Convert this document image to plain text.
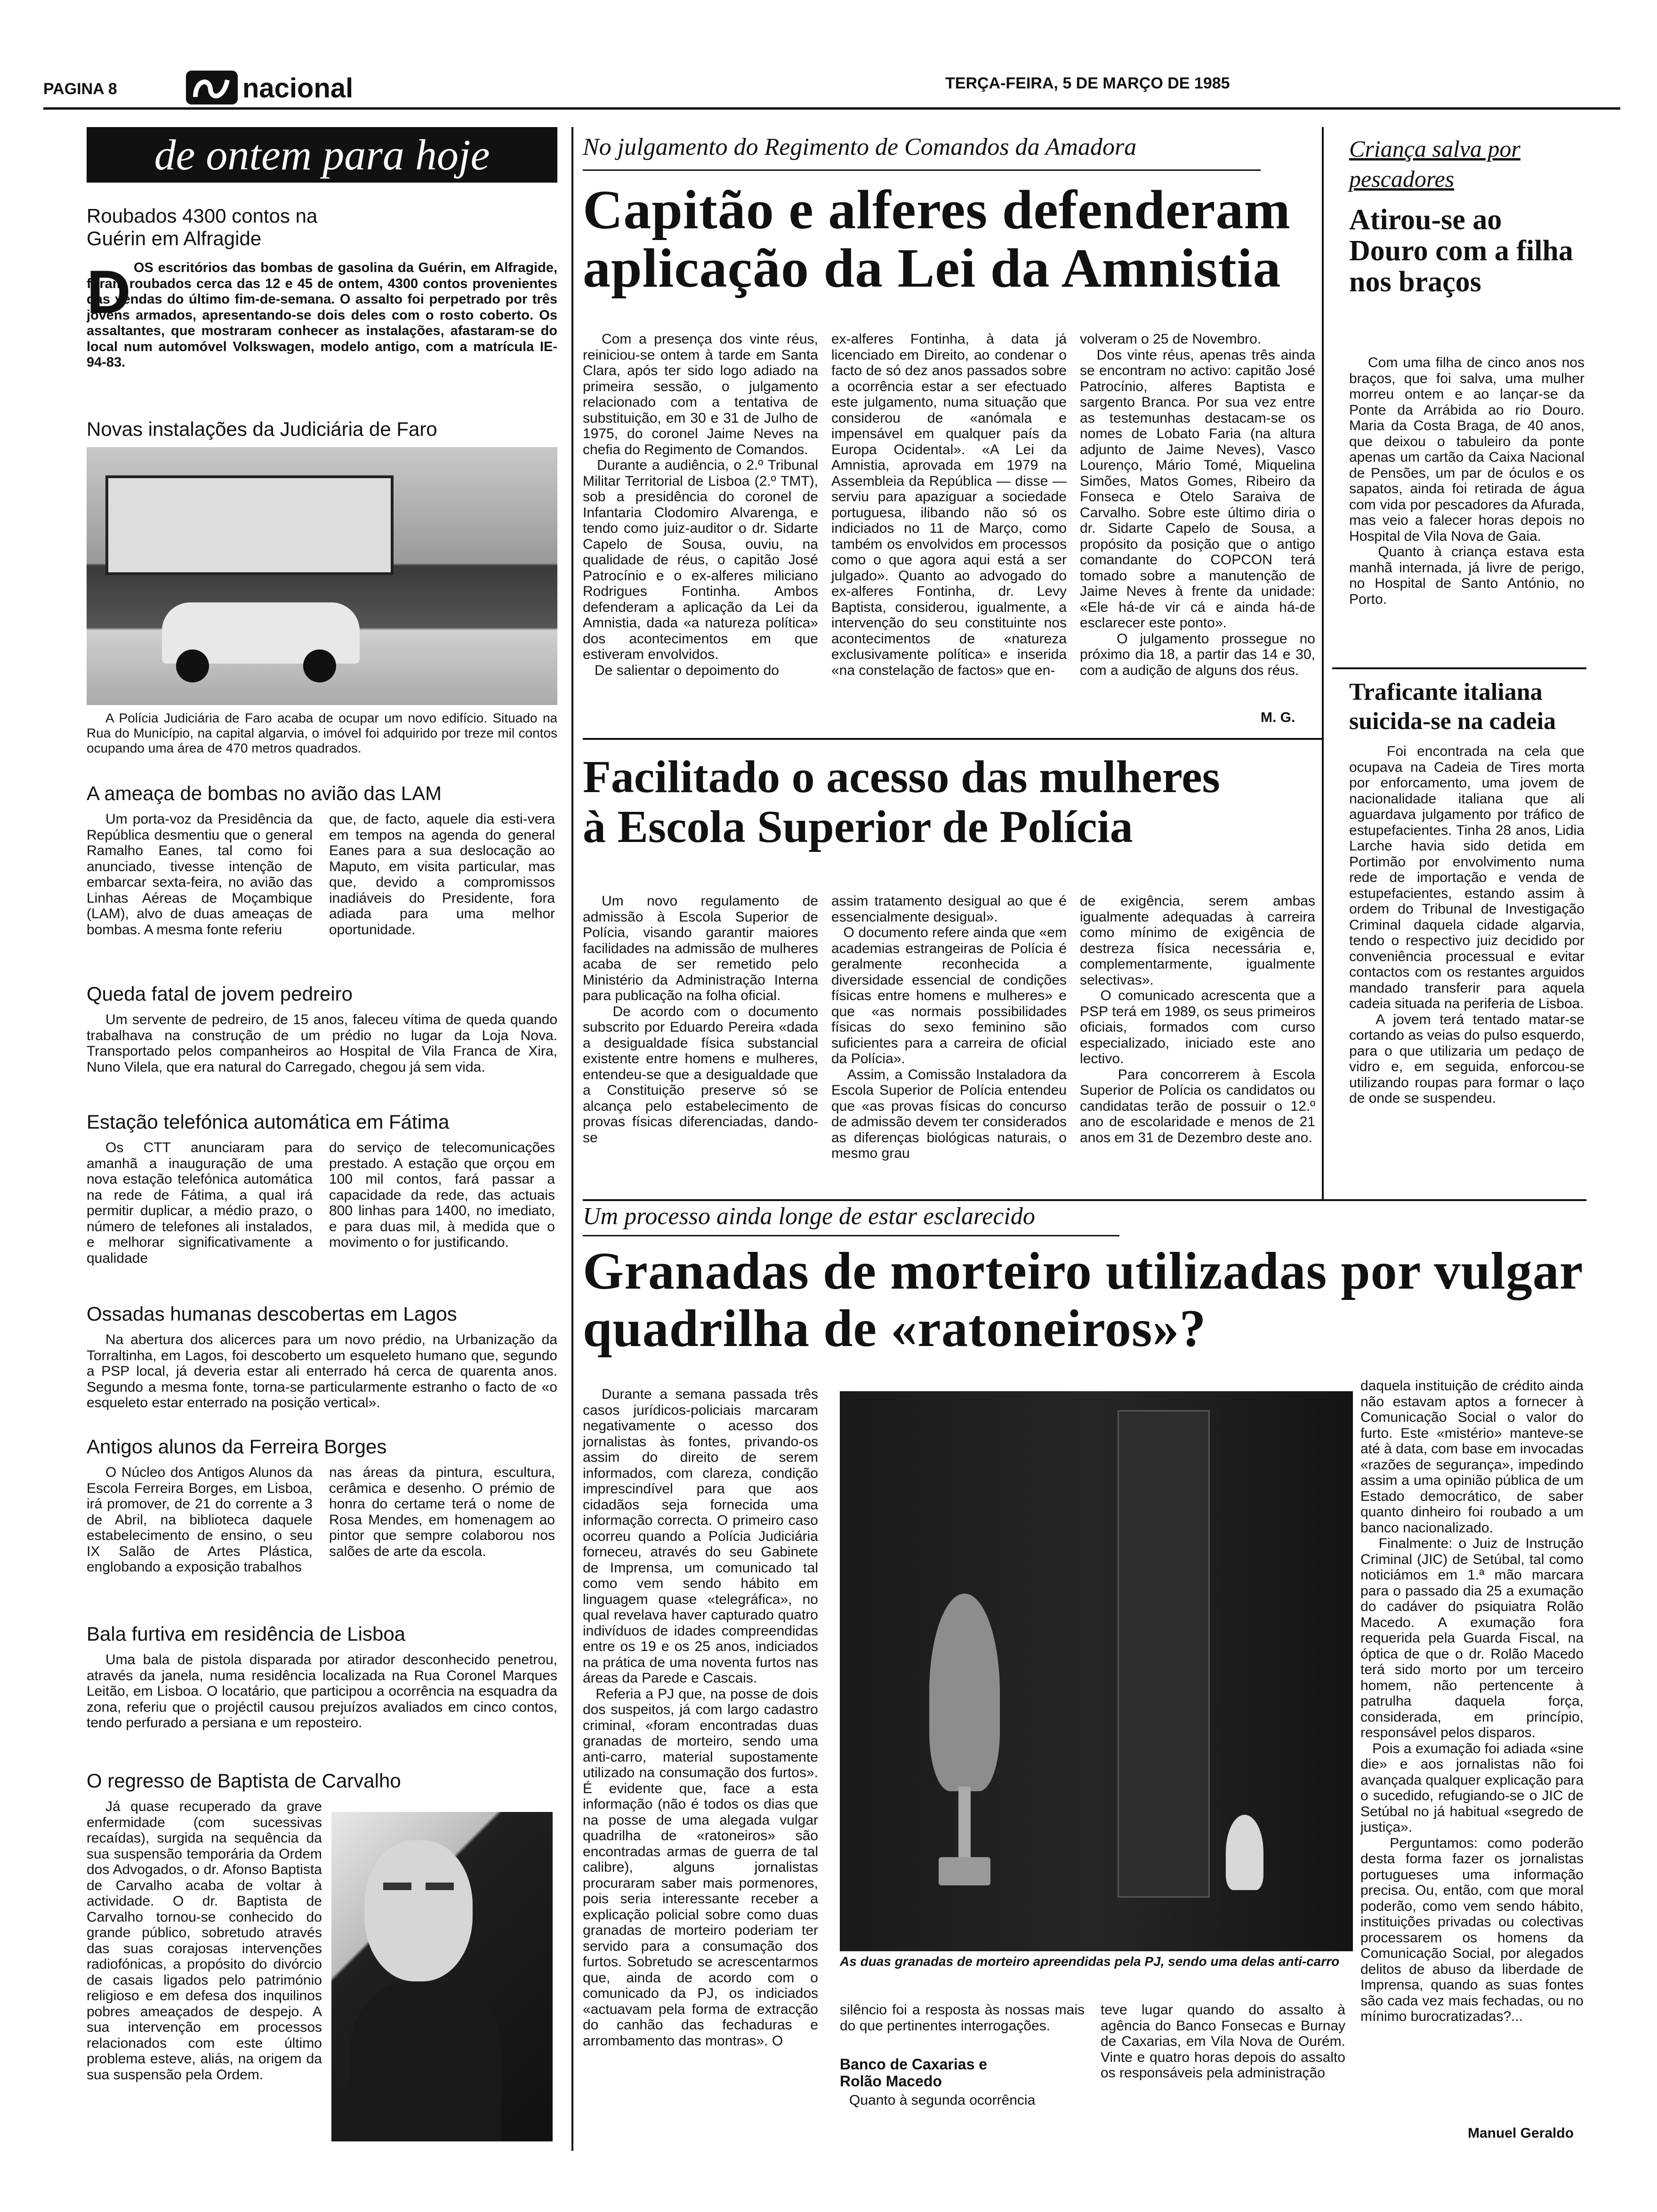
PAGINA 8	nacional	TERÇA-FEIRA, 5 DE MARÇO DE 1985
de ontem para hoje
Roubados 4300 contos na Guérin em Alfragide
D OS escritórios das bombas de gasolina da Guérin, em Alfragide, foram roubados cerca das 12 e 45 de ontem, 4300 contos provenientes das vendas do último fim-de-semana. O assalto foi perpetrado por três jovens armados, apresentando-se dois deles com o rosto coberto. Os assaltantes, que mostraram conhecer as instalações, afastaram-se do local num automóvel Volkswagen, modelo antigo, com a matrícula IE-94-83.
Novas instalações da Judiciária de Faro
A Polícia Judiciária de Faro acaba de ocupar um novo edifício. Situado na Rua do Município, na capital algarvia, o imóvel foi adquirido por treze mil contos ocupando uma área de 470 metros quadrados.
A ameaça de bombas no avião das LAM
Um porta-voz da Presidência da República desmentiu que o general Ramalho Eanes, tal como foi anunciado, tivesse intenção de embarcar sexta-feira, no avião das Linhas Aéreas de Moçambique (LAM), alvo de duas ameaças de bombas. A mesma fonte referiu
que, de facto, aquele dia esti-vera em tempos na agenda do general Eanes para a sua deslocação ao Maputo, em visita particular, mas que, devido a compromissos inadiáveis do Presidente, fora adiada para uma melhor oportunidade.
Queda fatal de jovem pedreiro
Um servente de pedreiro, de 15 anos, faleceu vítima de queda quando trabalhava na construção de um prédio no lugar da Loja Nova. Transportado pelos companheiros ao Hospital de Vila Franca de Xira, Nuno Vilela, que era natural do Carregado, chegou já sem vida.
Estação telefónica automática em Fátima
Os CTT anunciaram para amanhã a inauguração de uma nova estação telefónica automática na rede de Fátima, a qual irá permitir duplicar, a médio prazo, o número de telefones ali instalados, e melhorar significativamente a qualidade
do serviço de telecomunicações prestado. A estação que orçou em 100 mil contos, fará passar a capacidade da rede, das actuais 800 linhas para 1400, no imediato, e para duas mil, à medida que o movimento o for justificando.
Ossadas humanas descobertas em Lagos
Na abertura dos alicerces para um novo prédio, na Urbanização da Torraltinha, em Lagos, foi descoberto um esqueleto humano que, segundo a PSP local, já deveria estar ali enterrado há cerca de quarenta anos. Segundo a mesma fonte, torna-se particularmente estranho o facto de «o esqueleto estar enterrado na posição vertical».
Antigos alunos da Ferreira Borges
O Núcleo dos Antigos Alunos da Escola Ferreira Borges, em Lisboa, irá promover, de 21 do corrente a 3 de Abril, na biblioteca daquele estabelecimento de ensino, o seu IX Salão de Artes Plástica, englobando a exposição trabalhos
nas áreas da pintura, escultura, cerâmica e desenho. O prémio de honra do certame terá o nome de Rosa Mendes, em homenagem ao pintor que sempre colaborou nos salões de arte da escola.
Bala furtiva em residência de Lisboa
Uma bala de pistola disparada por atirador desconhecido penetrou, através da janela, numa residência localizada na Rua Coronel Marques Leitão, em Lisboa. O locatário, que participou a ocorrência na esquadra da zona, referiu que o projéctil causou prejuízos avaliados em cinco contos, tendo perfurado a persiana e um reposteiro.
O regresso de Baptista de Carvalho
Já quase recuperado da grave enfermidade (com sucessivas recaídas), surgida na sequência da sua suspensão temporária da Ordem dos Advogados, o dr. Afonso Baptista de Carvalho acaba de voltar à actividade. O dr. Baptista de Carvalho tornou-se conhecido do grande público, sobretudo através das suas corajosas intervenções radiofónicas, a propósito do divórcio de casais ligados pelo património religioso e em defesa dos inquilinos pobres ameaçados de despejo. A sua intervenção em processos relacionados com este último problema esteve, aliás, na origem da sua suspensão pela Ordem.
No julgamento do Regimento de Comandos da Amadora
Capitão e alferes defenderam aplicação da Lei da Amnistia
Com a presença dos vinte réus, reiniciou-se ontem à tarde em Santa Clara, após ter sido logo adiado na primeira sessão, o julgamento relacionado com a tentativa de substituição, em 30 e 31 de Julho de 1975, do coronel Jaime Neves na chefia do Regimento de Comandos.
Durante a audiência, o 2.º Tribunal Militar Territorial de Lisboa (2.º TMT), sob a presidência do coronel de Infantaria Clodomiro Alvarenga, e tendo como juiz-auditor o dr. Sidarte Capelo de Sousa, ouviu, na qualidade de réus, o capitão José Patrocínio e o ex-alferes miliciano Rodrigues Fontinha. Ambos defenderam a aplicação da Lei da Amnistia, dada «a natureza política» dos acontecimentos em que estiveram envolvidos.
De salientar o depoimento do
ex-alferes Fontinha, à data já licenciado em Direito, ao condenar o facto de só dez anos passados sobre a ocorrência estar a ser efectuado este julgamento, numa situação que considerou de «anómala e impensável em qualquer país da Europa Ocidental». «A Lei da Amnistia, aprovada em 1979 na Assembleia da República — disse — serviu para apaziguar a sociedade portuguesa, ilibando não só os indiciados no 11 de Março, como também os envolvidos em processos como o que agora aqui está a ser julgado». Quanto ao advogado do ex-alferes Fontinha, dr. Levy Baptista, considerou, igualmente, a intervenção do seu constituinte nos acontecimentos de «natureza exclusivamente política» e inserida «na constelação de factos» que en-
volveram o 25 de Novembro.
Dos vinte réus, apenas três ainda se encontram no activo: capitão José Patrocínio, alferes Baptista e sargento Branca. Por sua vez entre as testemunhas destacam-se os nomes de Lobato Faria (na altura adjunto de Jaime Neves), Vasco Lourenço, Mário Tomé, Miquelina Simões, Matos Gomes, Ribeiro da Fonseca e Otelo Saraiva de Carvalho. Sobre este último diria o dr. Sidarte Capelo de Sousa, a propósito da posição que o antigo comandante do COPCON terá tomado sobre a manutenção de Jaime Neves à frente da unidade: «Ele há-de vir cá e ainda há-de esclarecer este ponto».
O julgamento prossegue no próximo dia 18, a partir das 14 e 30, com a audição de alguns dos réus.
M. G.
Facilitado o acesso das mulheres à Escola Superior de Polícia
Um novo regulamento de admissão à Escola Superior de Polícia, visando garantir maiores facilidades na admissão de mulheres acaba de ser remetido pelo Ministério da Administração Interna para publicação na folha oficial.
De acordo com o documento subscrito por Eduardo Pereira «dada a desigualdade física substancial existente entre homens e mulheres, entendeu-se que a desigualdade que a Constituição preserve só se alcança pelo estabelecimento de provas físicas diferenciadas, dando-se
assim tratamento desigual ao que é essencialmente desigual».
O documento refere ainda que «em academias estrangeiras de Polícia é geralmente reconhecida a diversidade essencial de condições físicas entre homens e mulheres» e que «as normais possibilidades físicas do sexo feminino são suficientes para a carreira de oficial da Polícia».
Assim, a Comissão Instaladora da Escola Superior de Polícia entendeu que «as provas físicas do concurso de admissão devem ter considerados as diferenças biológicas naturais, o mesmo grau
de exigência, serem ambas igualmente adequadas à carreira como mínimo de exigência de destreza física necessária e, complementarmente, igualmente selectivas».
O comunicado acrescenta que a PSP terá em 1989, os seus primeiros oficiais, formados com curso especializado, iniciado este ano lectivo.
Para concorrerem à Escola Superior de Polícia os candidatos ou candidatas terão de possuir o 12.º ano de escolaridade e menos de 21 anos em 31 de Dezembro deste ano.
Criança salva por pescadores
Atirou-se ao Douro com a filha nos braços
Com uma filha de cinco anos nos braços, que foi salva, uma mulher morreu ontem e ao lançar-se da Ponte da Arrábida ao rio Douro. Maria da Costa Braga, de 40 anos, que deixou o tabuleiro da ponte apenas um cartão da Caixa Nacional de Pensões, um par de óculos e os sapatos, ainda foi retirada de água com vida por pescadores da Afurada, mas veio a falecer horas depois no Hospital de Vila Nova de Gaia.
Quanto à criança estava esta manhã internada, já livre de perigo, no Hospital de Santo António, no Porto.
Traficante italiana suicida-se na cadeia
Foi encontrada na cela que ocupava na Cadeia de Tires morta por enforcamento, uma jovem de nacionalidade italiana que ali aguardava julgamento por tráfico de estupefacientes. Tinha 28 anos, Lidia Larche havia sido detida em Portimão por envolvimento numa rede de importação e venda de estupefacientes, estando assim à ordem do Tribunal de Investigação Criminal daquela cidade algarvia, tendo o respectivo juiz decidido por conveniência processual e evitar contactos com os restantes arguidos mandado transferir para aquela cadeia situada na periferia de Lisboa.
A jovem terá tentado matar-se cortando as veias do pulso esquerdo, para o que utilizaria um pedaço de vidro e, em seguida, enforcou-se utilizando roupas para formar o laço de onde se suspendeu.
Um processo ainda longe de estar esclarecido
Granadas de morteiro utilizadas por vulgar quadrilha de «ratoneiros»?
Durante a semana passada três casos jurídicos-policiais marcaram negativamente o acesso dos jornalistas às fontes, privando-os assim do direito de serem informados, com clareza, condição imprescindível para que aos cidadãos seja fornecida uma informação correcta. O primeiro caso ocorreu quando a Polícia Judiciária forneceu, através do seu Gabinete de Imprensa, um comunicado tal como vem sendo hábito em linguagem quase «telegráfica», no qual revelava haver capturado quatro indivíduos de idades compreendidas entre os 19 e os 25 anos, indiciados na prática de uma noventa furtos nas áreas da Parede e Cascais.
Referia a PJ que, na posse de dois dos suspeitos, já com largo cadastro criminal, «foram encontradas duas granadas de morteiro, sendo uma anti-carro, material supostamente utilizado na consumação dos furtos». É evidente que, face a esta informação (não é todos os dias que na posse de uma alegada vulgar quadrilha de «ratoneiros» são encontradas armas de guerra de tal calibre), alguns jornalistas procuraram saber mais pormenores, pois seria interessante receber a explicação policial sobre como duas granadas de morteiro poderiam ter servido para a consumação dos furtos. Sobretudo se acrescentarmos que, ainda de acordo com o comunicado da PJ, os indiciados «actuavam pela forma de extracção do canhão das fechaduras e arrombamento das montras». O
As duas granadas de morteiro apreendidas pela PJ, sendo uma delas anti-carro
silêncio foi a resposta às nossas mais do que pertinentes interrogações.
Banco de Caxarias e Rolão Macedo
Quanto à segunda ocorrência
teve lugar quando do assalto à agência do Banco Fonsecas e Burnay de Caxarias, em Vila Nova de Ourém. Vinte e quatro horas depois do assalto os responsáveis pela administração
daquela instituição de crédito ainda não estavam aptos a fornecer à Comunicação Social o valor do furto. Este «mistério» manteve-se até à data, com base em invocadas «razões de segurança», impedindo assim a uma opinião pública de um Estado democrático, de saber quanto dinheiro foi roubado a um banco nacionalizado.
Finalmente: o Juiz de Instrução Criminal (JIC) de Setúbal, tal como noticiámos em 1.ª mão marcara para o passado dia 25 a exumação do cadáver do psiquiatra Rolão Macedo. A exumação fora requerida pela Guarda Fiscal, na óptica de que o dr. Rolão Macedo terá sido morto por um terceiro homem, não pertencente à patrulha daquela força, considerada, em princípio, responsável pelos disparos.
Pois a exumação foi adiada «sine die» e aos jornalistas não foi avançada qualquer explicação para o sucedido, refugiando-se o JIC de Setúbal no já habitual «segredo de justiça».
Perguntamos: como poderão desta forma fazer os jornalistas portugueses uma informação precisa. Ou, então, com que moral poderão, como vem sendo hábito, instituições privadas ou colectivas processarem os homens da Comunicação Social, por alegados delitos de abuso da liberdade de Imprensa, quando as suas fontes são cada vez mais fechadas, ou no mínimo burocratizadas?...
Manuel Geraldo
